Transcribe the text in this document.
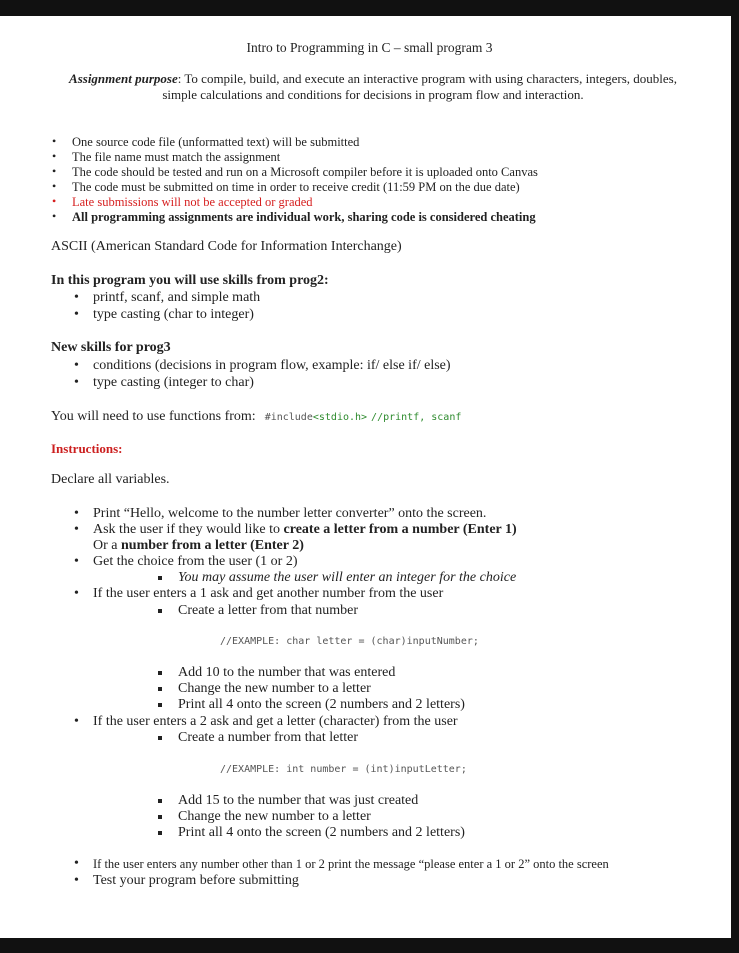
Intro to Programming in C – small program 3
Assignment purpose: To compile, build, and execute an interactive program with using characters, integers, doubles, simple calculations and conditions for decisions in program flow and interaction.
• One source code file (unformatted text) will be submitted
• The file name must match the assignment
• The code should be tested and run on a Microsoft compiler before it is uploaded onto Canvas
• The code must be submitted on time in order to receive credit (11:59 PM on the due date)
• Late submissions will not be accepted or graded
• All programming assignments are individual work, sharing code is considered cheating
ASCII (American Standard Code for Information Interchange)
In this program you will use skills from prog2:
• printf, scanf, and simple math
• type casting (char to integer)
New skills for prog3
• conditions (decisions in program flow, example: if/ else if/ else)
• type casting (integer to char)
You will need to use functions from: #include<stdio.h> //printf, scanf
Instructions:
Declare all variables.
• Print “Hello, welcome to the number letter converter” onto the screen.
• Ask the user if they would like to create a letter from a number (Enter 1)
Or a number from a letter (Enter 2)
• Get the choice from the user (1 or 2)
You may assume the user will enter an integer for the choice
• If the user enters a 1 ask and get another number from the user
Create a letter from that number
//EXAMPLE: char letter = (char)inputNumber;
Add 10 to the number that was entered
Change the new number to a letter
Print all 4 onto the screen (2 numbers and 2 letters)
• If the user enters a 2 ask and get a letter (character) from the user
Create a number from that letter
//EXAMPLE: int number = (int)inputLetter;
Add 15 to the number that was just created
Change the new number to a letter
Print all 4 onto the screen (2 numbers and 2 letters)
• If the user enters any number other than 1 or 2 print the message “please enter a 1 or 2” onto the screen
• Test your program before submitting
